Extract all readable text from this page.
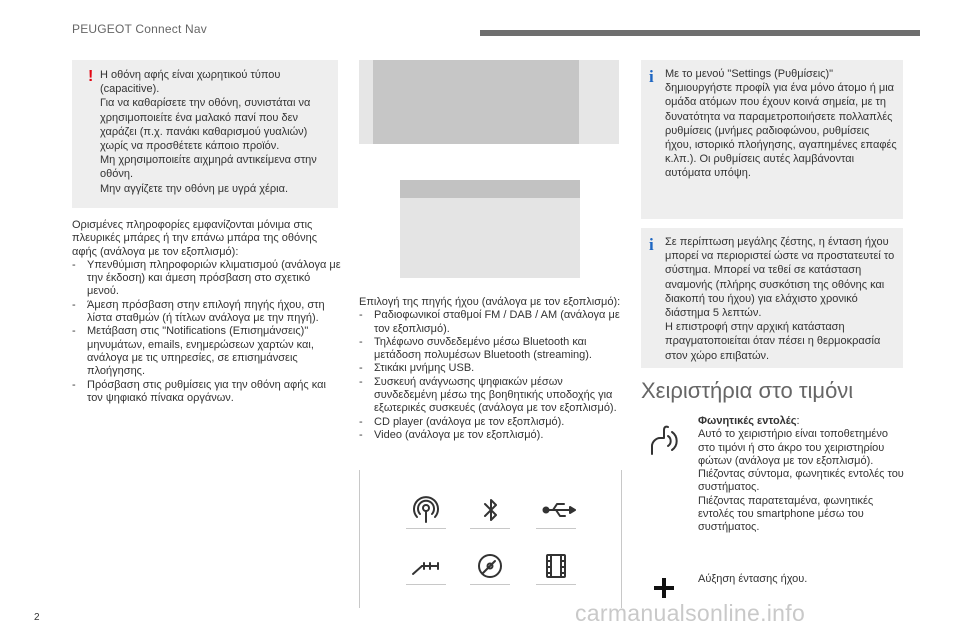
PEUGEOT Connect Nav
! Η οθόνη αφής είναι χωρητικού τύπου (capacitive).
Για να καθαρίσετε την οθόνη, συνιστάται να χρησιμοποιείτε ένα μαλακό πανί που δεν χαράζει (π.χ. πανάκι καθαρισμού γυαλιών) χωρίς να προσθέτετε κάποιο προϊόν.
Μη χρησιμοποιείτε αιχμηρά αντικείμενα στην οθόνη.
Μην αγγίζετε την οθόνη με υγρά χέρια.
Ορισμένες πληροφορίες εμφανίζονται μόνιμα στις πλευρικές μπάρες ή την επάνω μπάρα της οθόνης αφής (ανάλογα με τον εξοπλισμό):
- Υπενθύμιση πληροφοριών κλιματισμού (ανάλογα με την έκδοση) και άμεση πρόσβαση στο σχετικό μενού.
- Άμεση πρόσβαση στην επιλογή πηγής ήχου, στη λίστα σταθμών (ή τίτλων ανάλογα με την πηγή).
- Μετάβαση στις "Notifications (Επισημάνσεις)" μηνυμάτων, emails, ενημερώσεων χαρτών και, ανάλογα με τις υπηρεσίες, σε επισημάνσεις πλοήγησης.
- Πρόσβαση στις ρυθμίσεις για την οθόνη αφής και τον ψηφιακό πίνακα οργάνων.
Επιλογή της πηγής ήχου (ανάλογα με τον εξοπλισμό):
- Ραδιοφωνικοί σταθμοί FM / DAB / AM (ανάλογα με τον εξοπλισμό).
- Τηλέφωνο συνδεδεμένο μέσω Bluetooth και μετάδοση πολυμέσων Bluetooth (streaming).
- Στικάκι μνήμης USB.
- Συσκευή ανάγνωσης ψηφιακών μέσων συνδεδεμένη μέσω της βοηθητικής υποδοχής για εξωτερικές συσκευές (ανάλογα με τον εξοπλισμό).
- CD player (ανάλογα με τον εξοπλισμό).
- Video (ανάλογα με τον εξοπλισμό).
i Με το μενού "Settings (Ρυθμίσεις)" δημιουργήστε προφίλ για ένα μόνο άτομο ή μια ομάδα ατόμων που έχουν κοινά σημεία, με τη δυνατότητα να παραμετροποιήσετε πολλαπλές ρυθμίσεις (μνήμες ραδιοφώνου, ρυθμίσεις ήχου, ιστορικό πλοήγησης, αγαπημένες επαφές κ.λπ.). Οι ρυθμίσεις αυτές λαμβάνονται αυτόματα υπόψη.
i Σε περίπτωση μεγάλης ζέστης, η ένταση ήχου μπορεί να περιοριστεί ώστε να προστατευτεί το σύστημα. Μπορεί να τεθεί σε κατάσταση αναμονής (πλήρης συσκότιση της οθόνης και διακοπή του ήχου) για ελάχιστο χρονικό διάστημα 5 λεπτών.
Η επιστροφή στην αρχική κατάσταση πραγματοποιείται όταν πέσει η θερμοκρασία στον χώρο επιβατών.
Χειριστήρια στο τιμόνι
Φωνητικές εντολές:
Αυτό το χειριστήριο είναι τοποθετημένο στο τιμόνι ή στο άκρο του χειριστηρίου φώτων (ανάλογα με τον εξοπλισμό).
Πιέζοντας σύντομα, φωνητικές εντολές του συστήματος.
Πιέζοντας παρατεταμένα, φωνητικές εντολές του smartphone μέσω του συστήματος.
Αύξηση έντασης ήχου.
2	carmanualsonline.info
